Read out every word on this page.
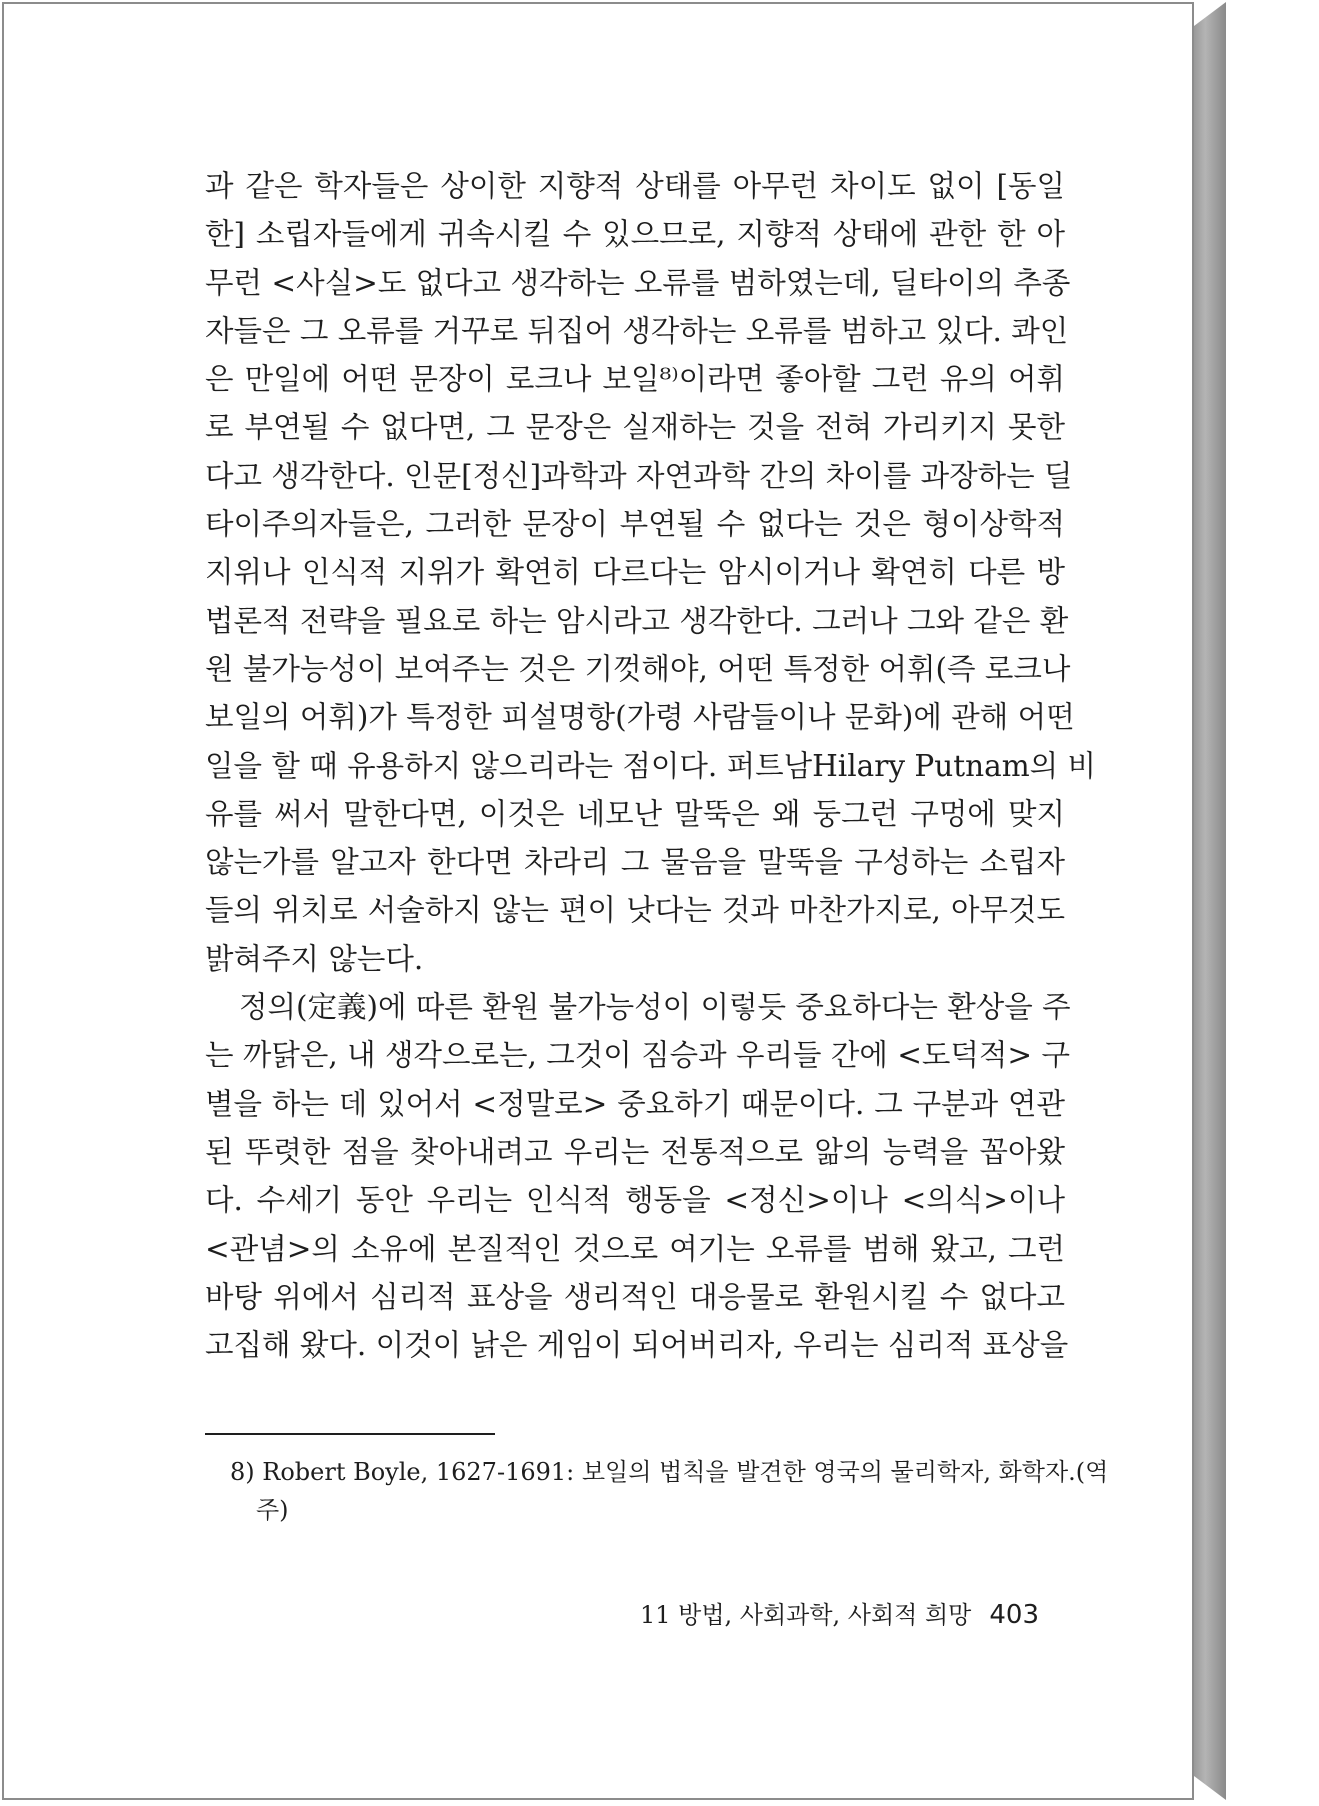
과 같은 학자들은 상이한 지향적 상태를 아무런 차이도 없이 [동일
한] 소립자들에게 귀속시킬 수 있으므로, 지향적 상태에 관한 한 아
무런 <사실>도 없다고 생각하는 오류를 범하였는데, 딜타이의 추종
자들은 그 오류를 거꾸로 뒤집어 생각하는 오류를 범하고 있다. 콰인
은 만일에 어떤 문장이 로크나 보일⁸⁾이라면 좋아할 그런 유의 어휘
로 부연될 수 없다면, 그 문장은 실재하는 것을 전혀 가리키지 못한
다고 생각한다. 인문[정신]과학과 자연과학 간의 차이를 과장하는 딜
타이주의자들은, 그러한 문장이 부연될 수 없다는 것은 형이상학적
지위나 인식적 지위가 확연히 다르다는 암시이거나 확연히 다른 방
법론적 전략을 필요로 하는 암시라고 생각한다. 그러나 그와 같은 환
원 불가능성이 보여주는 것은 기껏해야, 어떤 특정한 어휘(즉 로크나
보일의 어휘)가 특정한 피설명항(가령 사람들이나 문화)에 관해 어떤
일을 할 때 유용하지 않으리라는 점이다. 퍼트남Hilary Putnam의 비
유를 써서 말한다면, 이것은 네모난 말뚝은 왜 둥그런 구멍에 맞지
않는가를 알고자 한다면 차라리 그 물음을 말뚝을 구성하는 소립자
들의 위치로 서술하지 않는 편이 낫다는 것과 마찬가지로, 아무것도
밝혀주지 않는다.
정의(定義)에 따른 환원 불가능성이 이렇듯 중요하다는 환상을 주
는 까닭은, 내 생각으로는, 그것이 짐승과 우리들 간에 <도덕적> 구
별을 하는 데 있어서 <정말로> 중요하기 때문이다. 그 구분과 연관
된 뚜렷한 점을 찾아내려고 우리는 전통적으로 앎의 능력을 꼽아왔
다. 수세기 동안 우리는 인식적 행동을 <정신>이나 <의식>이나
<관념>의 소유에 본질적인 것으로 여기는 오류를 범해 왔고, 그런
바탕 위에서 심리적 표상을 생리적인 대응물로 환원시킬 수 없다고
고집해 왔다. 이것이 낡은 게임이 되어버리자, 우리는 심리적 표상을
8) Robert Boyle, 1627-1691: 보일의 법칙을 발견한 영국의 물리학자, 화학자.(역
주)
11 방법, 사회과학, 사회적 희망 403
